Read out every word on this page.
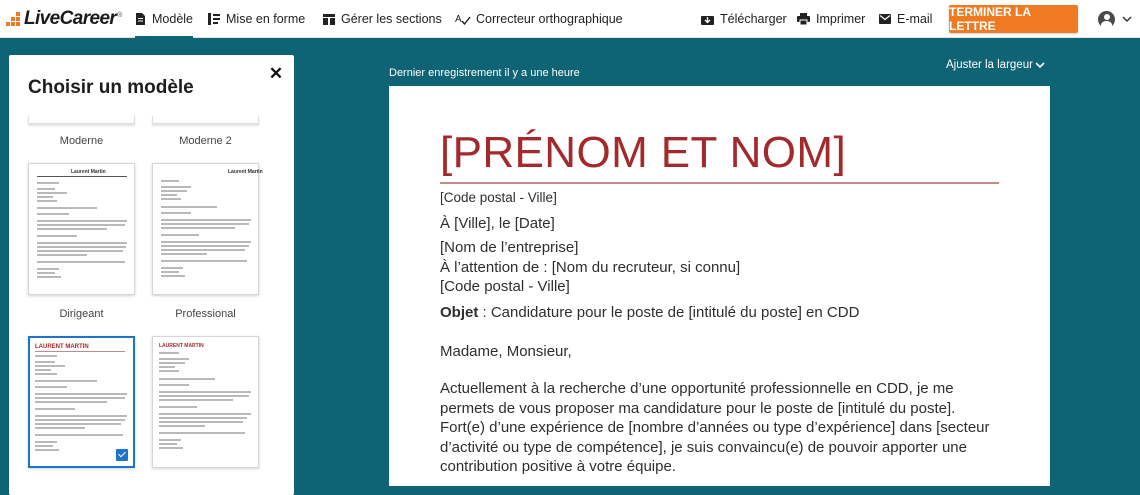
LiveCareer ® Modèle	Mise en forme	Gérer les sections A Correcteur orthographique	Télécharger Imprimer	E-mail TERMINER LA LETTRE
Choisir un modèle
✕
Moderne	Moderne 2
Laurent Martin	Laurent Martin
Dirigeant	Professional
LAURENT MARTIN	LAURENT MARTIN
Dernier enregistrement il y a une heure
Ajuster la largeur
[PRÉNOM ET NOM]
[Code postal - Ville]
À [Ville], le [Date]
[Nom de l’entreprise]
À l’attention de : [Nom du recruteur, si connu]
[Code postal - Ville]
Objet : Candidature pour le poste de [intitulé du poste] en CDD
Madame, Monsieur,
Actuellement à la recherche d’une opportunité professionnelle en CDD, je me permets de vous proposer ma candidature pour le poste de [intitulé du poste]. Fort(e) d’une expérience de [nombre d’années ou type d’expérience] dans [secteur d’activité ou type de compétence], je suis convaincu(e) de pouvoir apporter une contribution positive à votre équipe.
